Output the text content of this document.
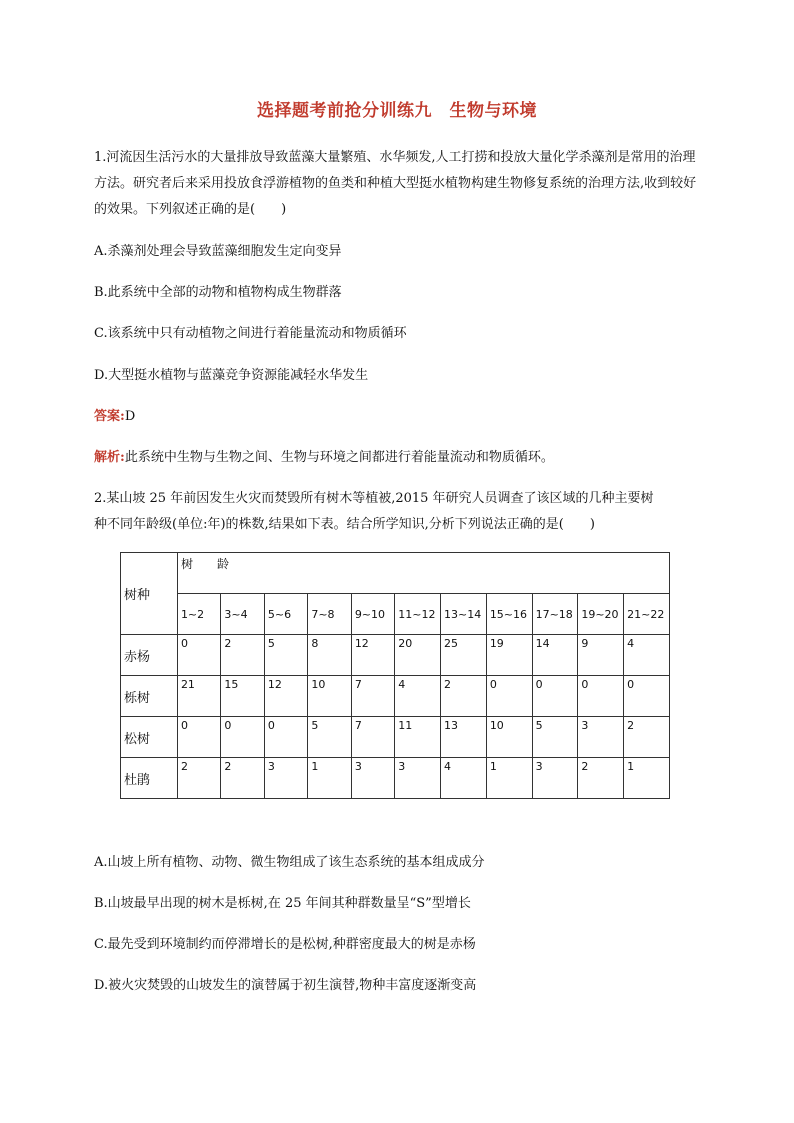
选择题考前抢分训练九　生物与环境
1.河流因生活污水的大量排放导致蓝藻大量繁殖、水华频发,人工打捞和投放大量化学杀藻剂是常用的治理方法。研究者后来采用投放食浮游植物的鱼类和种植大型挺水植物构建生物修复系统的治理方法,收到较好的效果。下列叙述正确的是(　　)
A.杀藻剂处理会导致蓝藻细胞发生定向变异
B.此系统中全部的动物和植物构成生物群落
C.该系统中只有动植物之间进行着能量流动和物质循环
D.大型挺水植物与蓝藻竞争资源能减轻水华发生
答案:D
解析:此系统中生物与生物之间、生物与环境之间都进行着能量流动和物质循环。
2.某山坡 25 年前因发生火灾而焚毁所有树木等植被,2015 年研究人员调查了该区域的几种主要树
种不同年龄级(单位:年)的株数,结果如下表。结合所学知识,分析下列说法正确的是(　　)
树种	树　　龄										
	1~2	3~4	5~6	7~8	9~10	11~12	13~14	15~16	17~18	19~20	21~22
赤杨	0	2	5	8	12	20	25	19	14	9	4
栎树	21	15	12	10	7	4	2	0	0	0	0
松树	0	0	0	5	7	11	13	10	5	3	2
杜鹃	2	2	3	1	3	3	4	1	3	2	1
A.山坡上所有植物、动物、微生物组成了该生态系统的基本组成成分
B.山坡最早出现的树木是栎树,在 25 年间其种群数量呈“S”型增长
C.最先受到环境制约而停滞增长的是松树,种群密度最大的树是赤杨
D.被火灾焚毁的山坡发生的演替属于初生演替,物种丰富度逐渐变高
